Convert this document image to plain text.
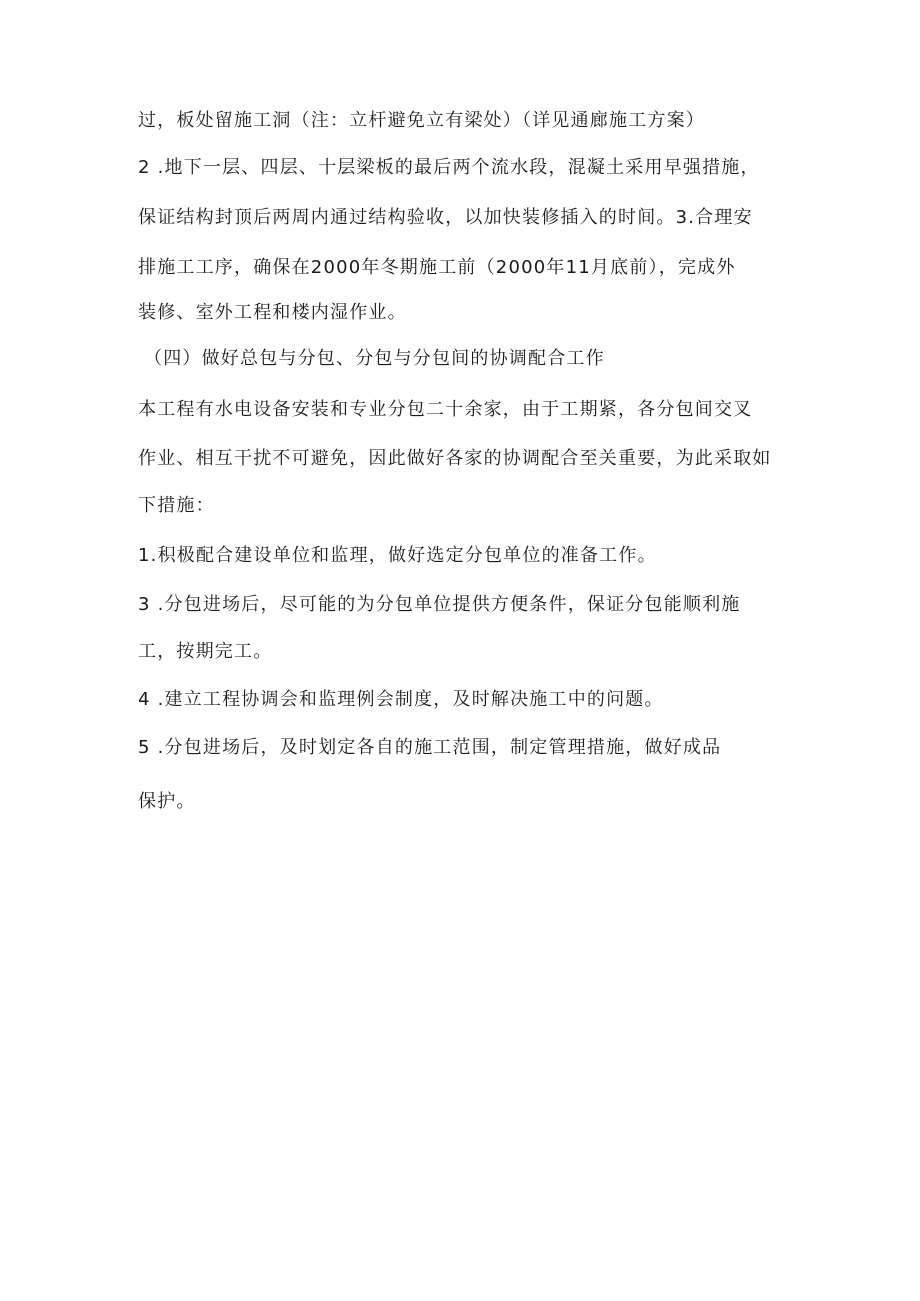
过，板处留施工洞（注：立杆避免立有梁处）（详见通廊施工方案）
2 .地下一层、四层、十层梁板的最后两个流水段，混凝土采用早强措施，
保证结构封顶后两周内通过结构验收，以加快装修插入的时间。3.合理安
排施工工序，确保在2000年冬期施工前（2000年11月底前），完成外
装修、室外工程和楼内湿作业。
（四）做好总包与分包、分包与分包间的协调配合工作
本工程有水电设备安装和专业分包二十余家，由于工期紧，各分包间交叉
作业、相互干扰不可避免，因此做好各家的协调配合至关重要，为此采取如
下措施：
1.积极配合建设单位和监理，做好选定分包单位的准备工作。
3 .分包进场后，尽可能的为分包单位提供方便条件，保证分包能顺利施
工，按期完工。
4 .建立工程协调会和监理例会制度，及时解决施工中的问题。
5 .分包进场后，及时划定各自的施工范围，制定管理措施，做好成品
保护。
